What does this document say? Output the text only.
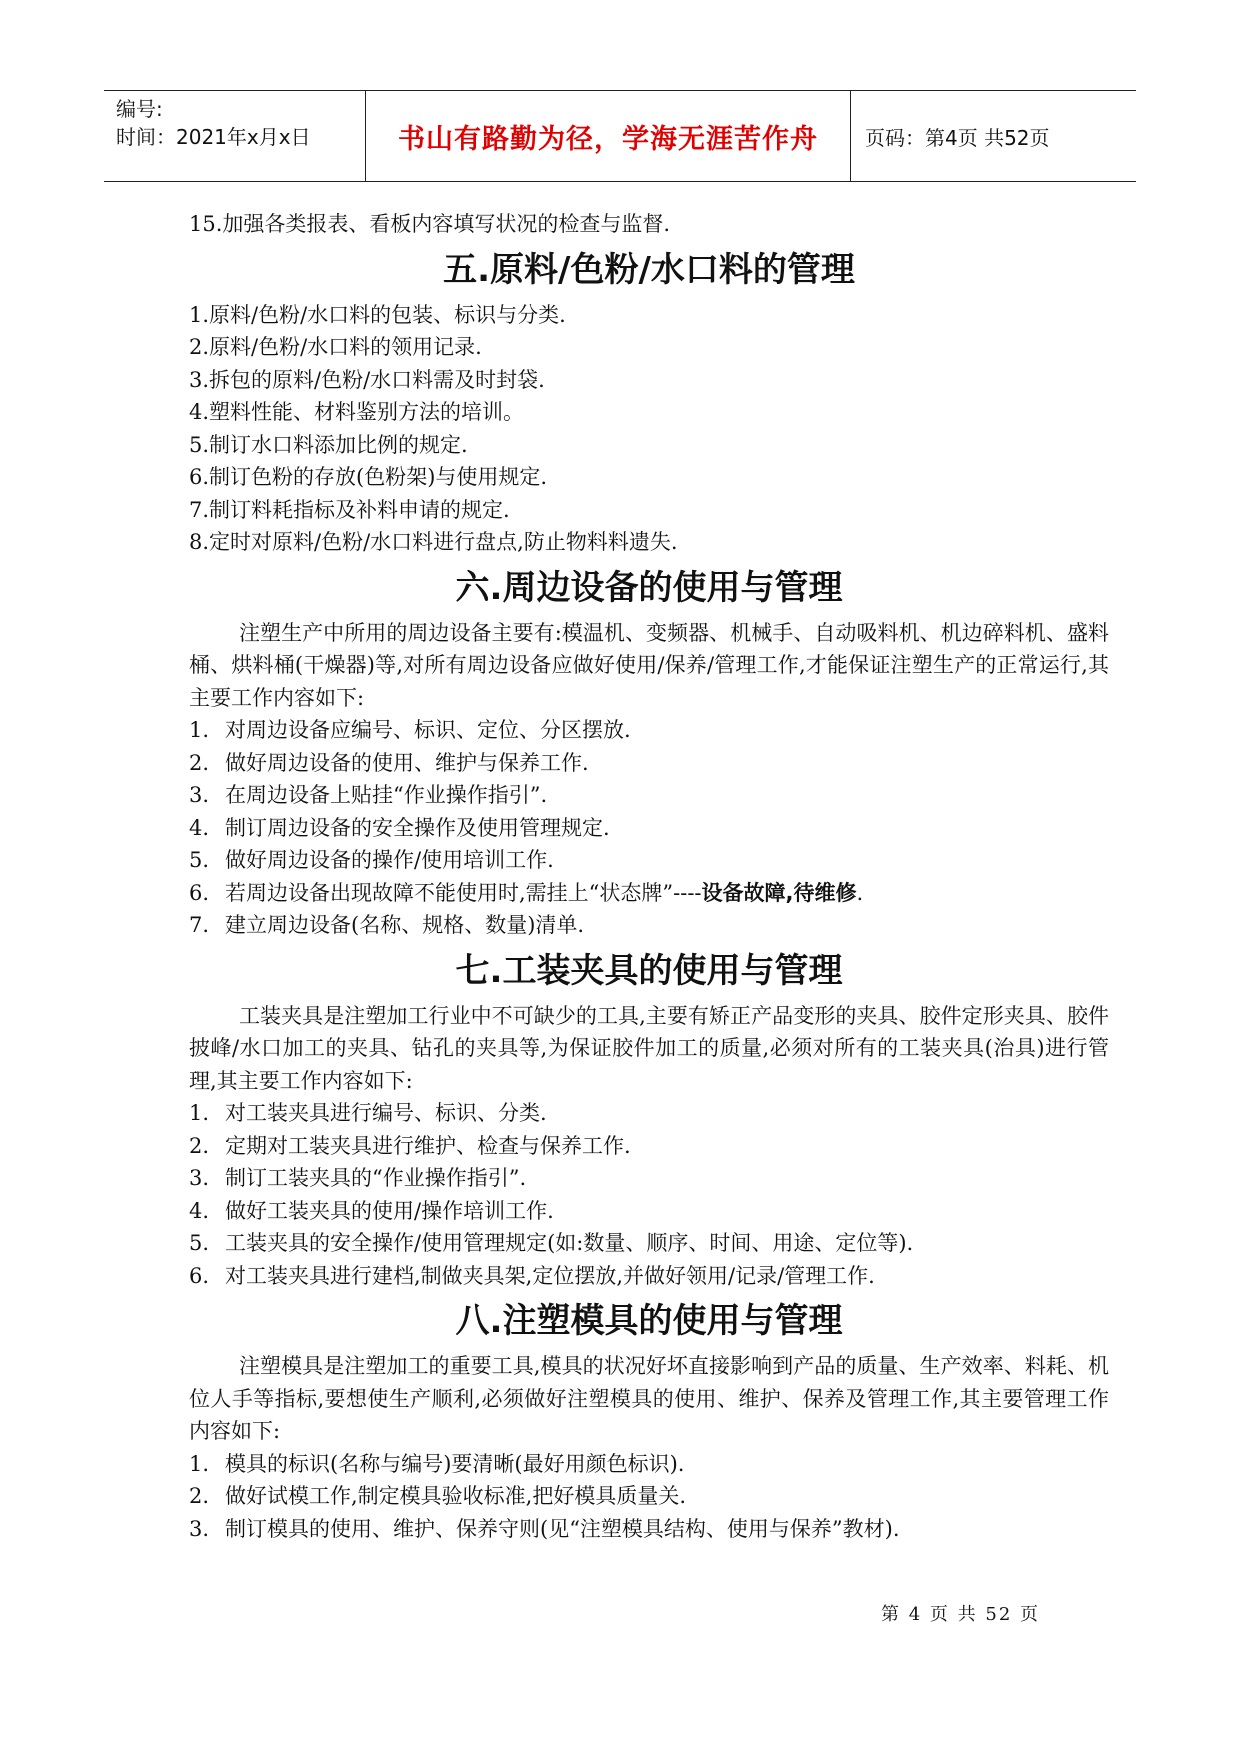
编号:
时间：2021年x月x日	书山有路勤为径，学海无涯苦作舟	页码：第4页 共52页
15.加强各类报表、看板内容填写状况的检查与监督.
五.原料/色粉/水口料的管理
1.原料/色粉/水口料的包装、标识与分类.
2.原料/色粉/水口料的领用记录.
3.拆包的原料/色粉/水口料需及时封袋.
4.塑料性能、材料鉴别方法的培训。
5.制订水口料添加比例的规定.
6.制订色粉的存放(色粉架)与使用规定.
7.制订料耗指标及补料申请的规定.
8.定时对原料/色粉/水口料进行盘点,防止物料料遗失.
六.周边设备的使用与管理
注塑生产中所用的周边设备主要有:模温机、变频器、机械手、自动吸料机、机边碎料机、盛料桶、烘料桶(干燥器)等,对所有周边设备应做好使用/保养/管理工作,才能保证注塑生产的正常运行,其主要工作内容如下:
1. 对周边设备应编号、标识、定位、分区摆放.
2. 做好周边设备的使用、维护与保养工作.
3. 在周边设备上贴挂“作业操作指引”.
4. 制订周边设备的安全操作及使用管理规定.
5. 做好周边设备的操作/使用培训工作.
6. 若周边设备出现故障不能使用时,需挂上“状态牌”----设备故障,待维修.
7. 建立周边设备(名称、规格、数量)清单.
七.工装夹具的使用与管理
工装夹具是注塑加工行业中不可缺少的工具,主要有矫正产品变形的夹具、胶件定形夹具、胶件披峰/水口加工的夹具、钻孔的夹具等,为保证胶件加工的质量,必须对所有的工装夹具(治具)进行管理,其主要工作内容如下:
1. 对工装夹具进行编号、标识、分类.
2. 定期对工装夹具进行维护、检查与保养工作.
3. 制订工装夹具的“作业操作指引”.
4. 做好工装夹具的使用/操作培训工作.
5. 工装夹具的安全操作/使用管理规定(如:数量、顺序、时间、用途、定位等).
6. 对工装夹具进行建档,制做夹具架,定位摆放,并做好领用/记录/管理工作.
八.注塑模具的使用与管理
注塑模具是注塑加工的重要工具,模具的状况好坏直接影响到产品的质量、生产效率、料耗、机位人手等指标,要想使生产顺利,必须做好注塑模具的使用、维护、保养及管理工作,其主要管理工作内容如下:
1. 模具的标识(名称与编号)要清晰(最好用颜色标识).
2. 做好试模工作,制定模具验收标准,把好模具质量关.
3. 制订模具的使用、维护、保养守则(见“注塑模具结构、使用与保养”教材).
第 4 页 共 52 页
